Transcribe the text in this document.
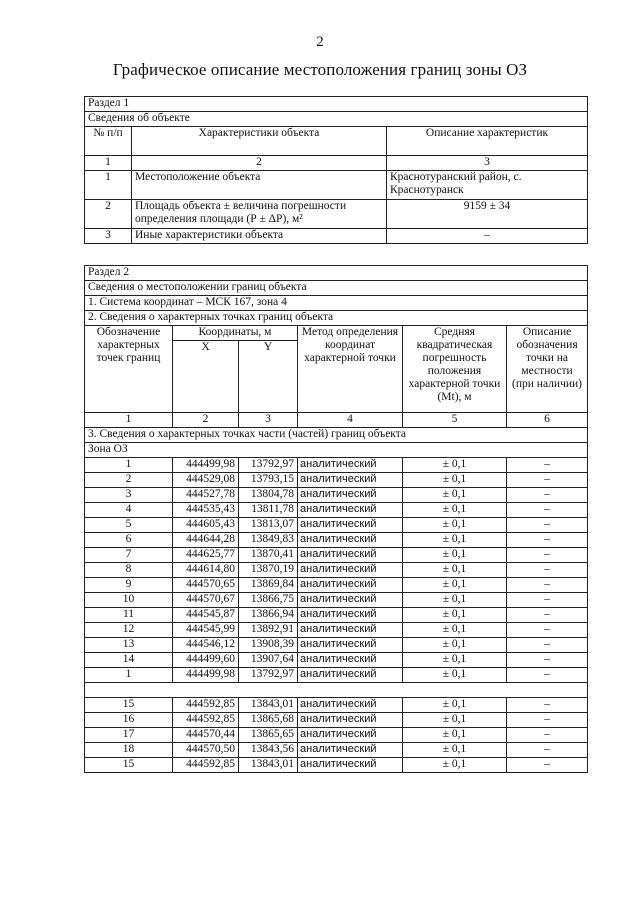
2
Графическое описание местоположения границ зоны ОЗ
Раздел 1		
Сведения об объекте		
№ п/п	Характеристики объекта	Описание характеристик
1	2	3
1	Местоположение объекта	Краснотуранский район, с. Краснотуранск
2	Площадь объекта ± величина погрешности определения площади (Р ± ΔР), м²	9159 ± 34
3	Иные характеристики объекта	–
Раздел 2					
Сведения о местоположении границ объекта					
1. Система координат – МСК 167, зона 4					
2. Сведения о характерных точках границ объекта					
Обозначение характерных точек границ	Координаты, м		Метод определения координат характерной точки	Средняя квадратическая погрешность положения характерной точки (Mt), м	Описание обозначения точки на местности (при наличии)
	X	Y			
1	2	3	4	5	6
3. Сведения о характерных точках части (частей) границ объекта					
Зона ОЗ					
1	444499,98	13792,97	аналитический	± 0,1	–
2	444529,08	13793,15	аналитический	± 0,1	–
3	444527,78	13804,78	аналитический	± 0,1	–
4	444535,43	13811,78	аналитический	± 0,1	–
5	444605,43	13813,07	аналитический	± 0,1	–
6	444644,28	13849,83	аналитический	± 0,1	–
7	444625,77	13870,41	аналитический	± 0,1	–
8	444614,80	13870,19	аналитический	± 0,1	–
9	444570,65	13869,84	аналитический	± 0,1	–
10	444570,67	13866,75	аналитический	± 0,1	–
11	444545,87	13866,94	аналитический	± 0,1	–
12	444545,99	13892,91	аналитический	± 0,1	–
13	444546,12	13908,39	аналитический	± 0,1	–
14	444499,60	13907,64	аналитический	± 0,1	–
1	444499,98	13792,97	аналитический	± 0,1	–

15	444592,85	13843,01	аналитический	± 0,1	–
16	444592,85	13865,68	аналитический	± 0,1	–
17	444570,44	13865,65	аналитический	± 0,1	–
18	444570,50	13843,56	аналитический	± 0,1	–
15	444592,85	13843,01	аналитический	± 0,1	–
